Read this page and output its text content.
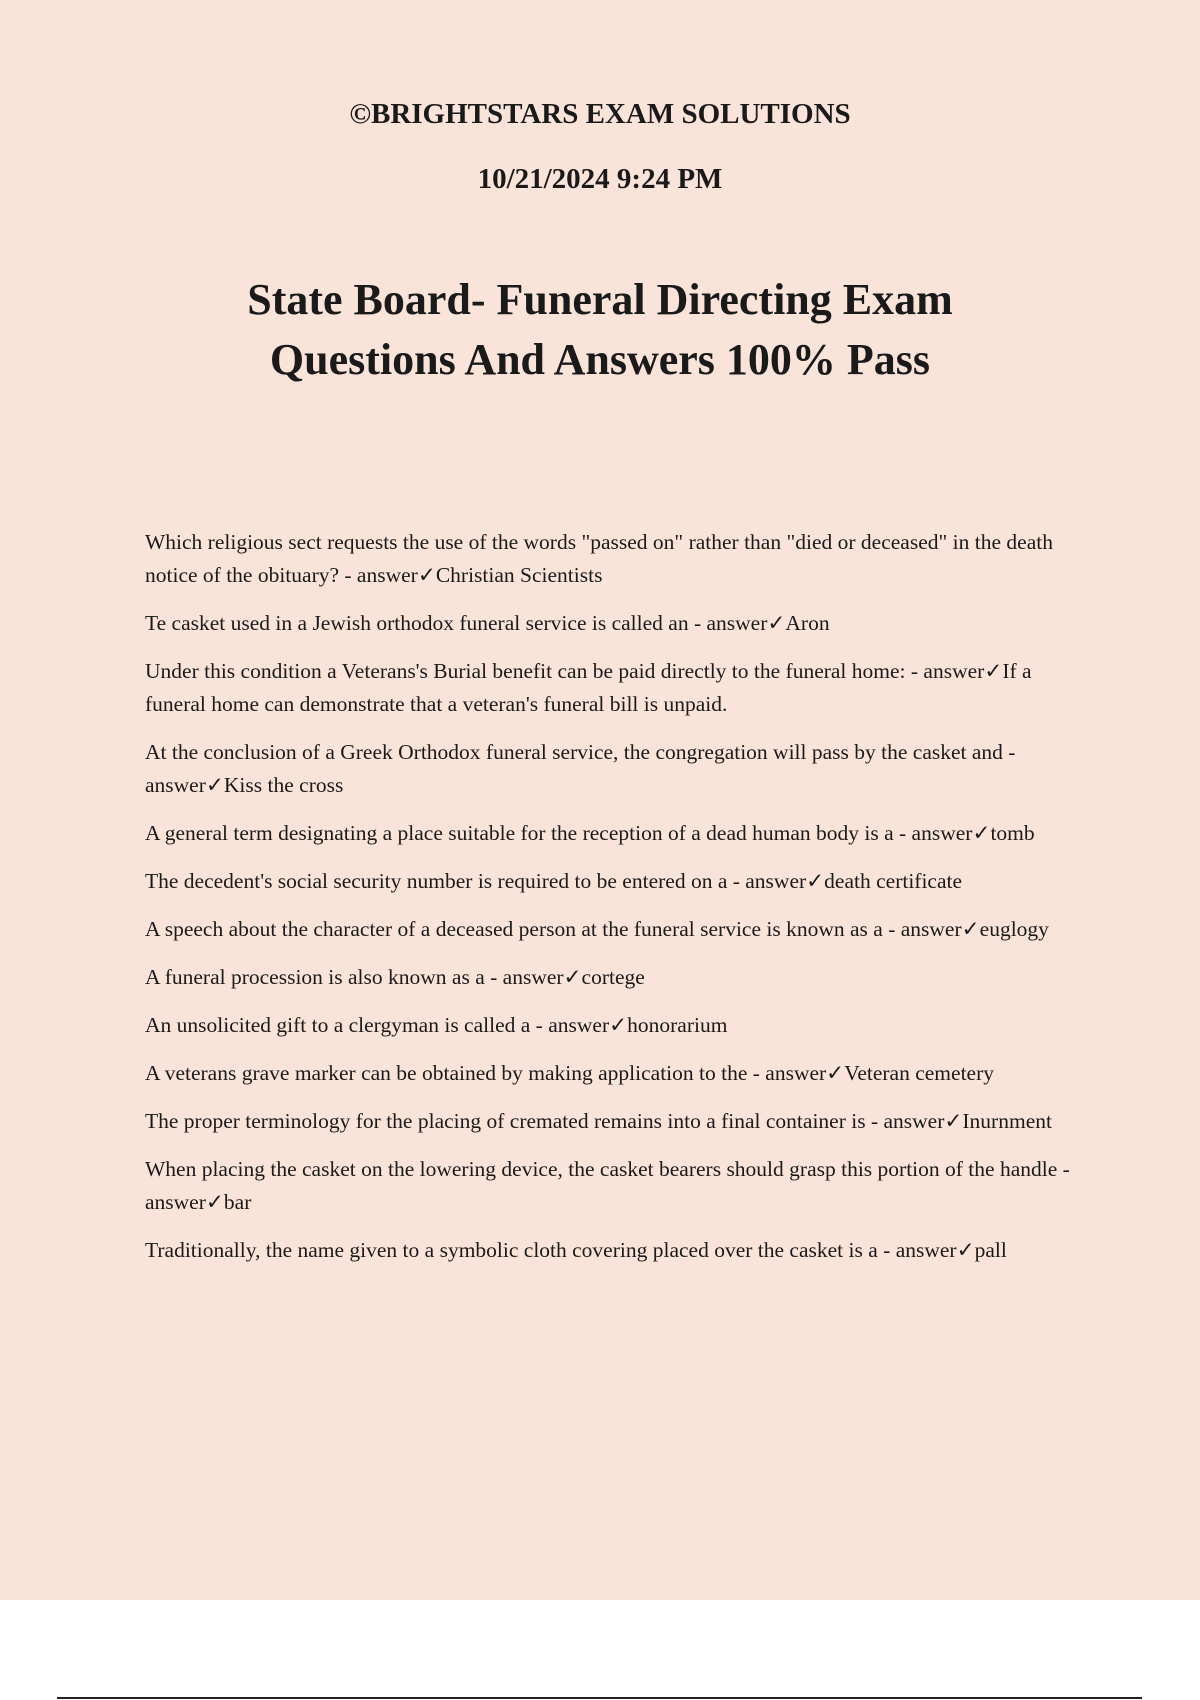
©BRIGHTSTARS EXAM SOLUTIONS
10/21/2024 9:24 PM
State Board- Funeral Directing Exam
Questions And Answers 100% Pass

Which religious sect requests the use of the words "passed on" rather than "died or deceased" in the death notice of the obituary? - answer✓Christian Scientists

Te casket used in a Jewish orthodox funeral service is called an - answer✓Aron

Under this condition a Veterans's Burial benefit can be paid directly to the funeral home: - answer✓If a funeral home can demonstrate that a veteran's funeral bill is unpaid.

At the conclusion of a Greek Orthodox funeral service, the congregation will pass by the casket and - answer✓Kiss the cross

A general term designating a place suitable for the reception of a dead human body is a - answer✓tomb

The decedent's social security number is required to be entered on a - answer✓death certificate

A speech about the character of a deceased person at the funeral service is known as a - answer✓euglogy

A funeral procession is also known as a - answer✓cortege

An unsolicited gift to a clergyman is called a - answer✓honorarium

A veterans grave marker can be obtained by making application to the - answer✓Veteran cemetery

The proper terminology for the placing of cremated remains into a final container is - answer✓Inurnment

When placing the casket on the lowering device, the casket bearers should grasp this portion of the handle - answer✓bar

Traditionally, the name given to a symbolic cloth covering placed over the casket is a - answer✓pall
